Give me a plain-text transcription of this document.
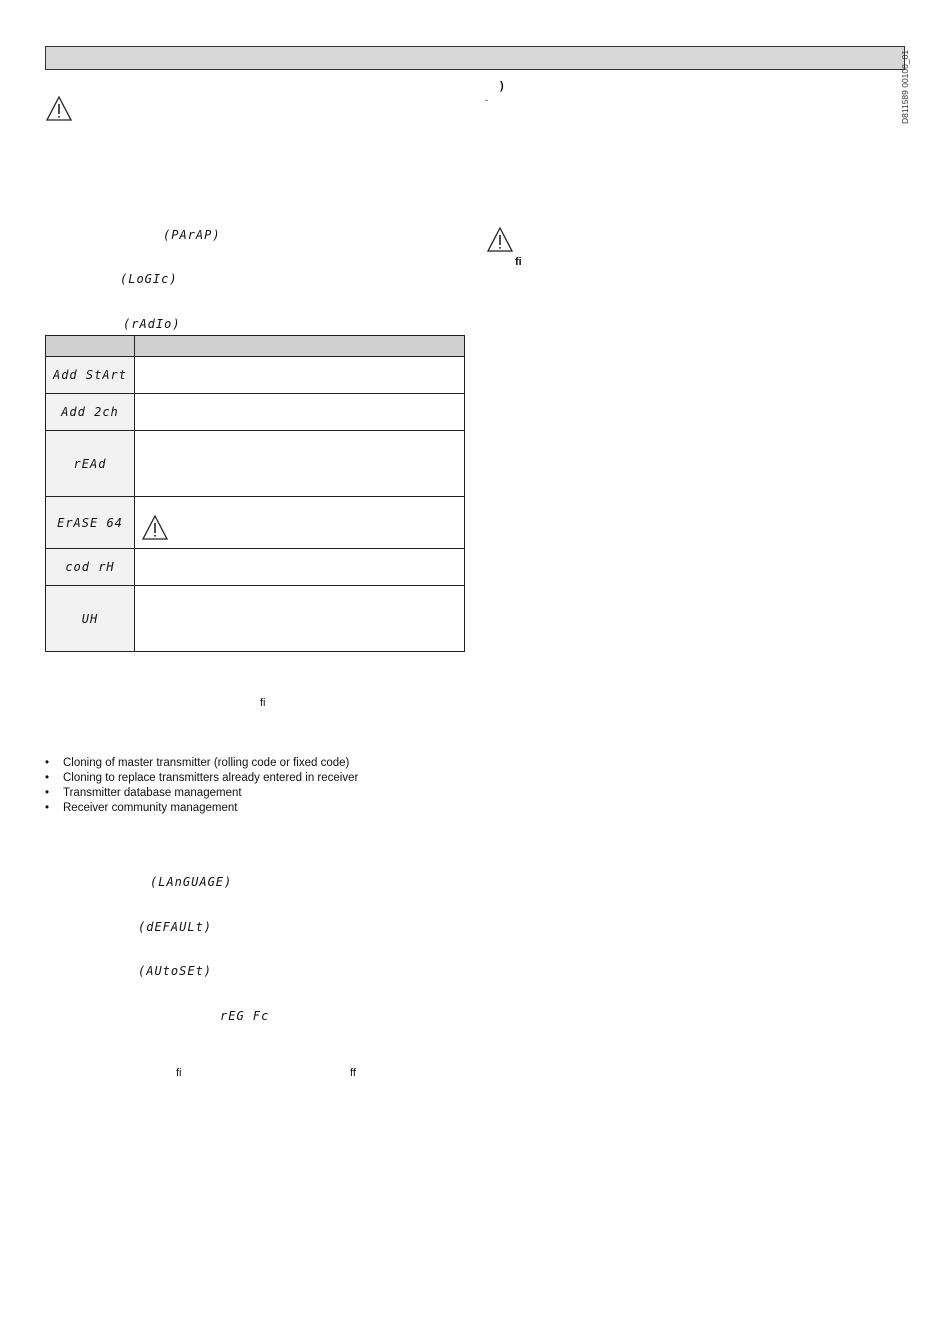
D811589 00100_01
(PArAP)
(LoGIc)
(rAdIo)

Add StArt	
Add 2ch	
rEAd	
ErASE 64	

cod rH	
UH	
fi
• Cloning of master transmitter (rolling code or fixed code)
• Cloning to replace transmitters already entered in receiver
• Transmitter database management
• Receiver community management
(LAnGUAGE)
(dEFAULt)
(AUtoSEt)
rEG Fc
fi	ff
)
-
fi
